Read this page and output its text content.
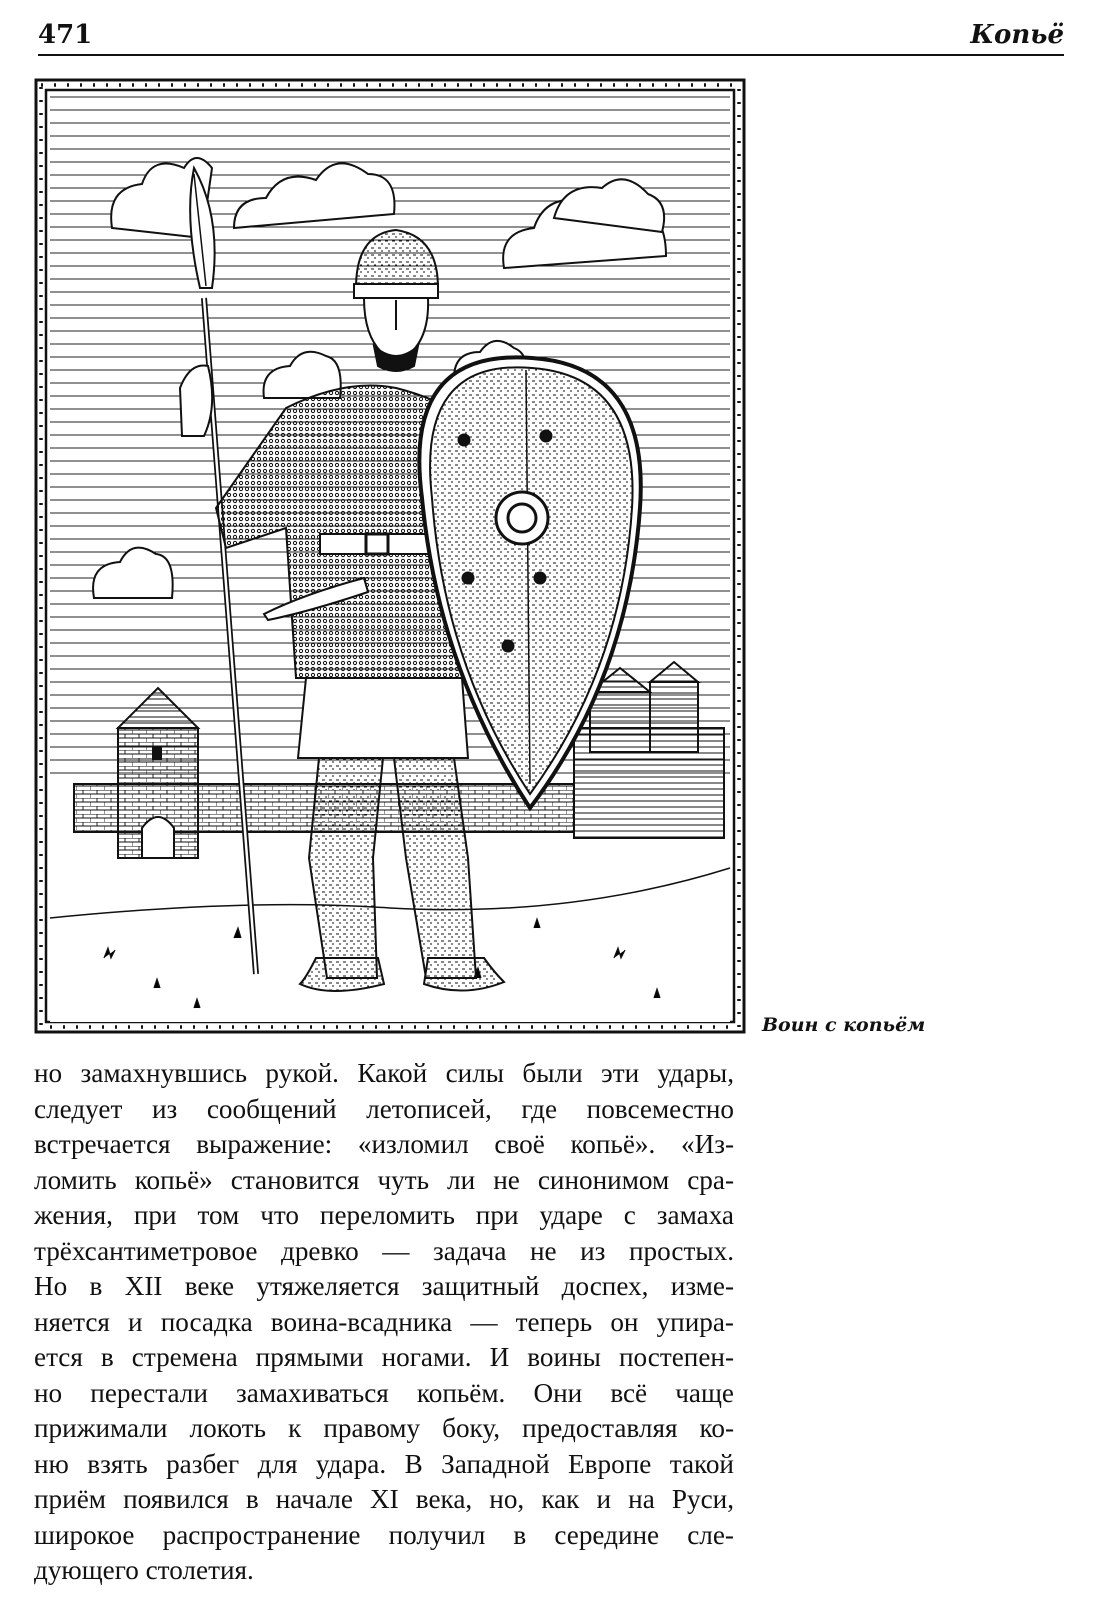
471	Копьё
Воин с копьём
но замахнувшись рукой. Какой силы были эти удары,
следует из сообщений летописей, где повсеместно
встречается выражение: «изломил своё копьё». «Из-
ломить копьё» становится чуть ли не синонимом сра-
жения, при том что переломить при ударе с замаха
трёхсантиметровое древко — задача не из простых.
Но в XII веке утяжеляется защитный доспех, изме-
няется и посадка воина-всадника — теперь он упира-
ется в стремена прямыми ногами. И воины постепен-
но перестали замахиваться копьём. Они всё чаще
прижимали локоть к правому боку, предоставляя ко-
ню взять разбег для удара. В Западной Европе такой
приём появился в начале XI века, но, как и на Руси,
широкое распространение получил в середине сле-
дующего столетия.
